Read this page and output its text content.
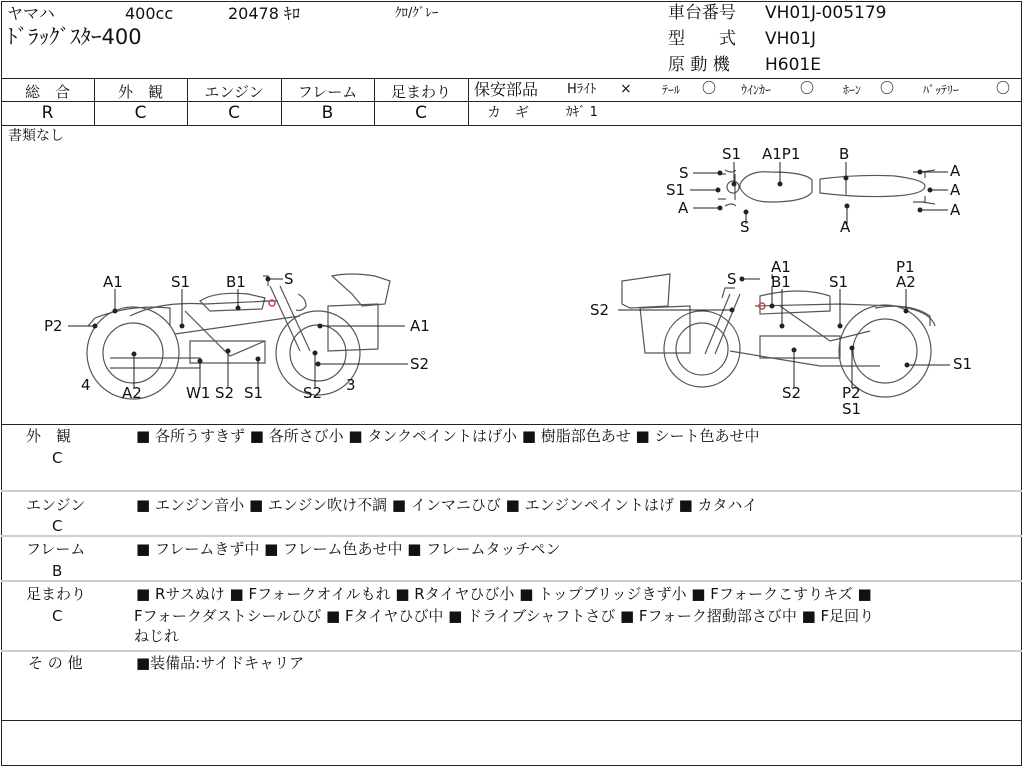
ヤマハ	400cc	20478 ｷﾛ	ｸﾛ/ｸﾞﾚｰ
ﾄﾞﾗｯｸﾞｽﾀｰ400
車台番号 VH01J-005179
型　　式 VH01J
原 動 機 H601E
総　合	外　観	エンジン	フレーム	足まわり
R	C	C	B	C
保安部品 Hﾗｲﾄ ×	ﾃｰﾙ 〇 ｳｲﾝｶｰ 〇 ﾎｰﾝ 〇 ﾊﾞｯﾃﾘｰ	〇
カ　ギ	ｶｷﾞ 1
書類なし
S1 A1P1	B
S
S1
A
S	A
A
A
A
A1	S1 B1	S
P2	A1
4 A2	W1 S2 S1	S2 3
S2
S
A1
B1	S1
P1
A2
S2
S2	P2
S1
S1
外　観
C
■ 各所うすきず ■ 各所さび小 ■ タンクペイントはげ小 ■ 樹脂部色あせ ■ シート色あせ中
エンジン
C
■ エンジン音小 ■ エンジン吹け不調 ■ インマニひび ■ エンジンペイントはげ ■ カタハイ
フレーム
B
■ フレームきず中 ■ フレーム色あせ中 ■ フレームタッチペン
足まわり
C
■ Rサスぬけ ■ Fフォークオイルもれ ■ Rタイヤひび小 ■ トップブリッジきず小 ■ Fフォークこすりキズ ■
Fフォークダストシールひび ■ Fタイヤひび中 ■ ドライブシャフトさび ■ Fフォーク摺動部さび中 ■ F足回り
ねじれ
そ の 他	■装備品:サイドキャリア
